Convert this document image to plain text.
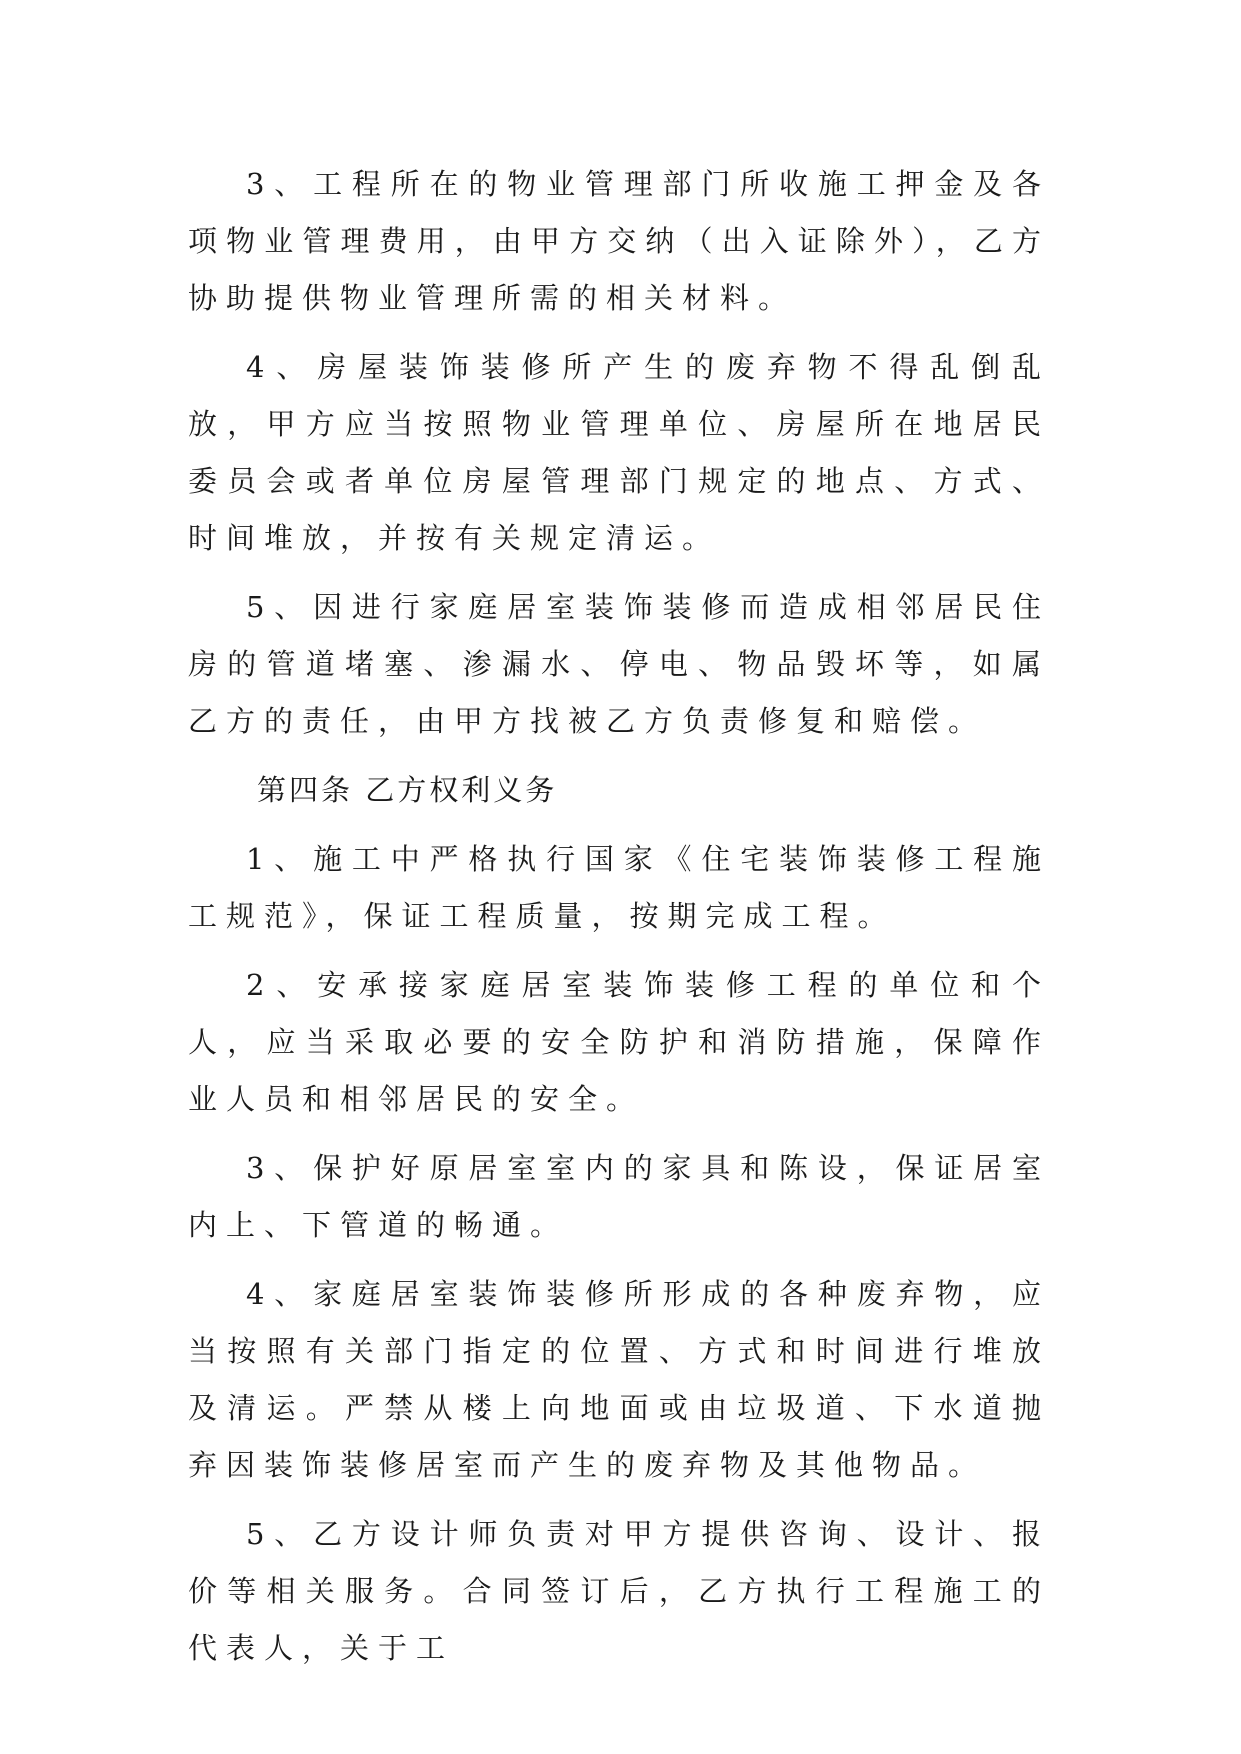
3、工程所在的物业管理部门所收施工押金及各项物业管理费用，由甲方交纳（出入证除外），乙方协助提供物业管理所需的相关材料。

4、房屋装饰装修所产生的废弃物不得乱倒乱放，甲方应当按照物业管理单位、房屋所在地居民委员会或者单位房屋管理部门规定的地点、方式、时间堆放，并按有关规定清运。

5、因进行家庭居室装饰装修而造成相邻居民住房的管道堵塞、渗漏水、停电、物品毁坏等，如属乙方的责任，由甲方找被乙方负责修复和赔偿。

第四条 乙方权利义务

1、施工中严格执行国家《住宅装饰装修工程施工规范》，保证工程质量，按期完成工程。

2、安承接家庭居室装饰装修工程的单位和个人，应当采取必要的安全防护和消防措施，保障作业人员和相邻居民的安全。

3、保护好原居室室内的家具和陈设，保证居室内上、下管道的畅通。

4、家庭居室装饰装修所形成的各种废弃物，应当按照有关部门指定的位置、方式和时间进行堆放及清运。严禁从楼上向地面或由垃圾道、下水道抛弃因装饰装修居室而产生的废弃物及其他物品。

5、乙方设计师负责对甲方提供咨询、设计、报价等相关服务。合同签订后，乙方执行工程施工的代表人，关于工
